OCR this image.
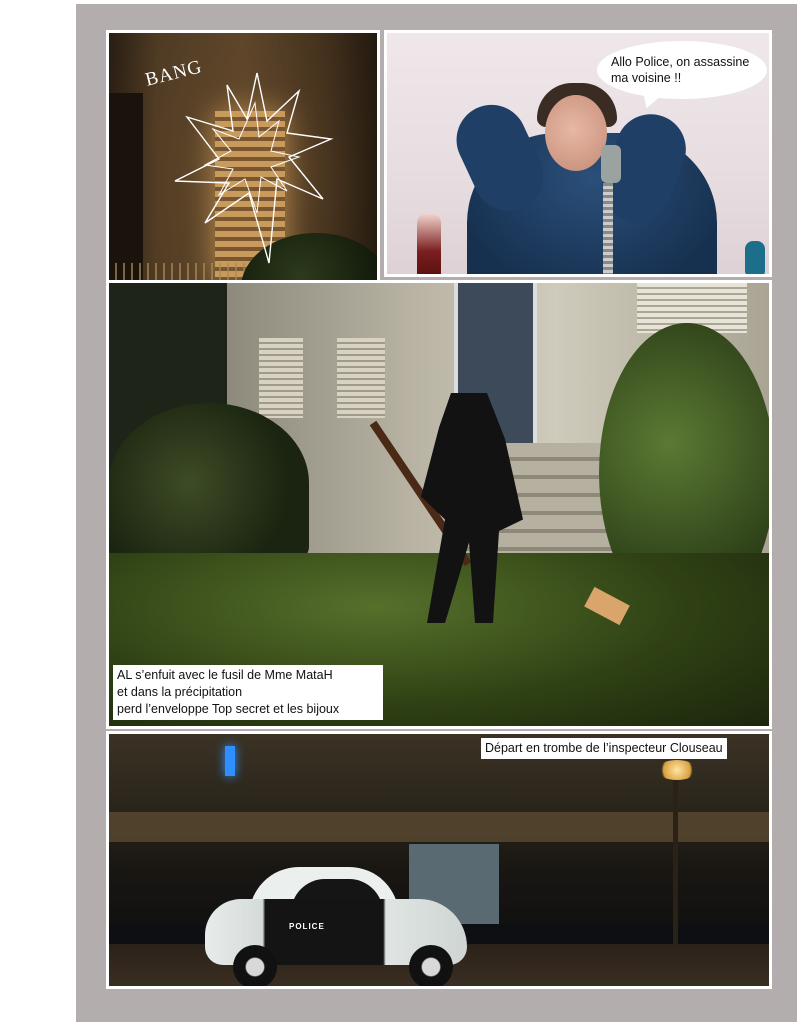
BANG	Allo Police, on assassine ma voisine !!
AL s’enfuit avec le fusil de Mme MataH
et dans la précipitation
perd l’enveloppe Top secret et les bijoux
POLICE
Départ en trombe de l’inspecteur Clouseau
